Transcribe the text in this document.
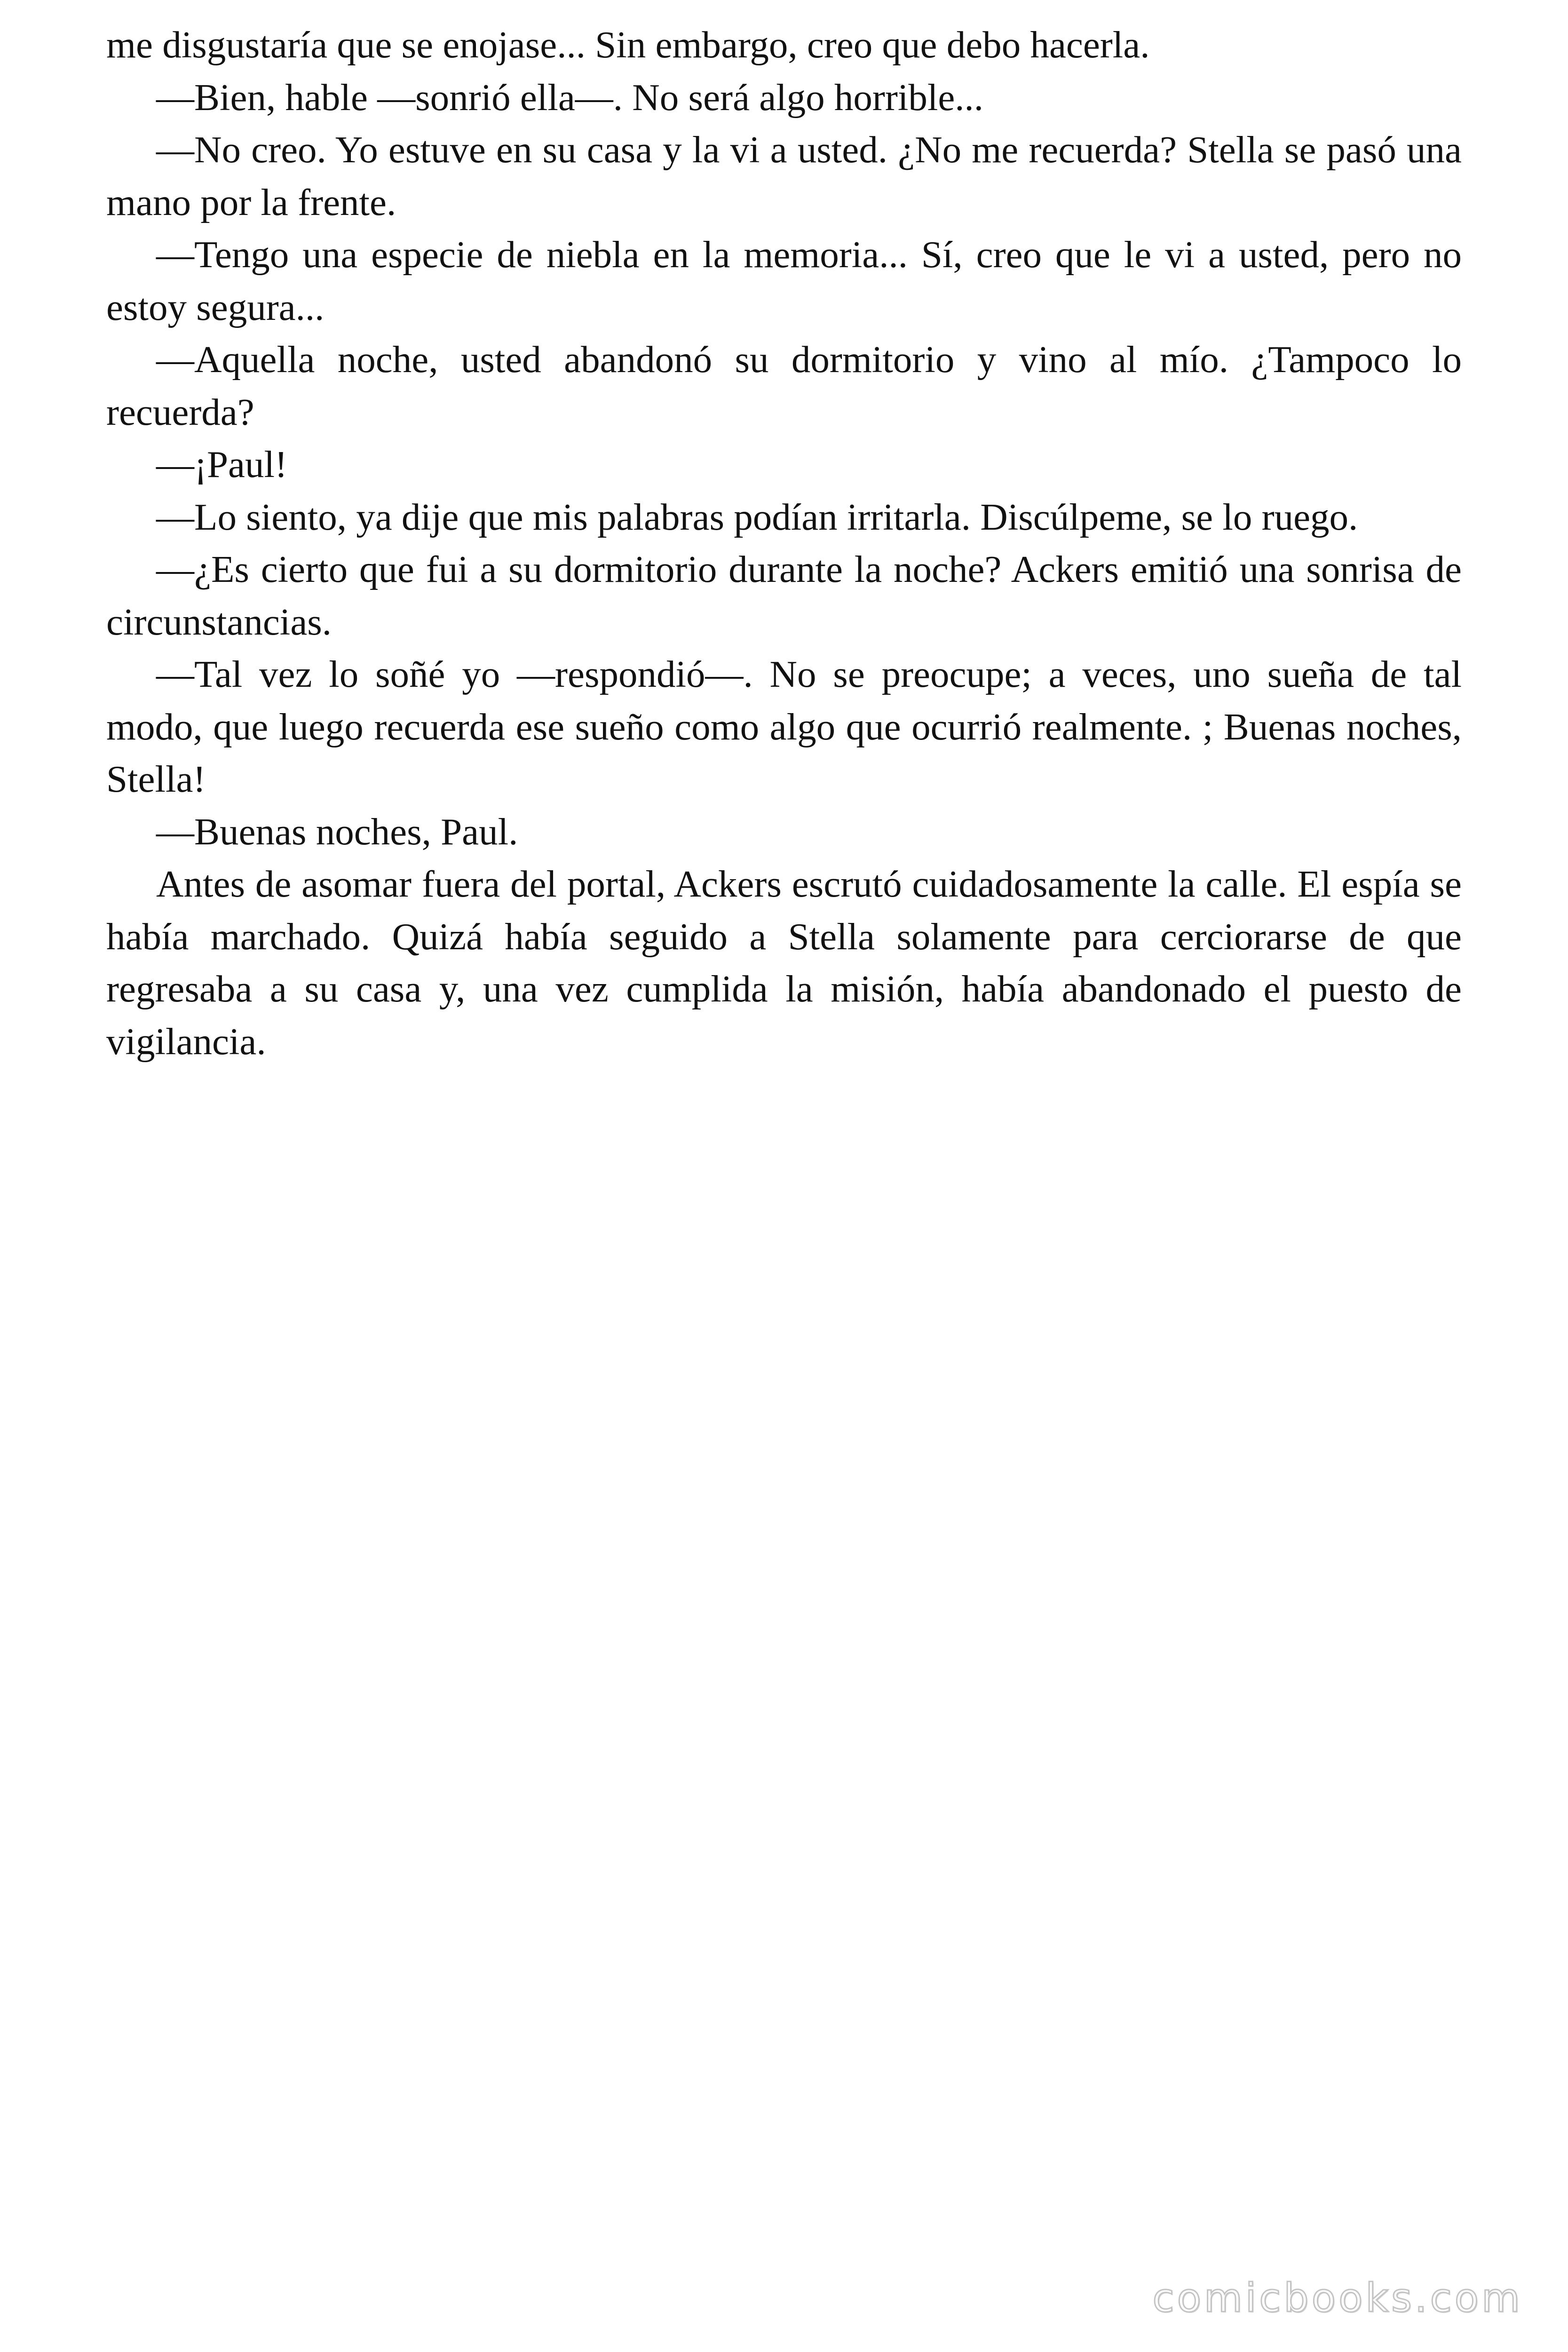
me disgustaría que se enojase... Sin embargo, creo que debo hacerla.

—Bien, hable —sonrió ella—. No será algo horrible...

—No creo. Yo estuve en su casa y la vi a usted. ¿No me recuerda? Stella se pasó una mano por la frente.

—Tengo una especie de niebla en la memoria... Sí, creo que le vi a usted, pero no estoy segura...

—Aquella noche, usted abandonó su dormitorio y vino al mío. ¿Tampoco lo recuerda?

—¡Paul!

—Lo siento, ya dije que mis palabras podían irritarla. Discúlpeme, se lo ruego.

—¿Es cierto que fui a su dormitorio durante la noche? Ackers emitió una sonrisa de circunstancias.

—Tal vez lo soñé yo —respondió—. No se preocupe; a veces, uno sueña de tal modo, que luego recuerda ese sueño como algo que ocurrió realmente. ; Buenas noches, Stella!

—Buenas noches, Paul.

Antes de asomar fuera del portal, Ackers escrutó cuidadosamente la calle. El espía se había marchado. Quizá había seguido a Stella solamente para cerciorarse de que regresaba a su casa y, una vez cumplida la misión, había abandonado el puesto de vigilancia.

comicbooks.com
